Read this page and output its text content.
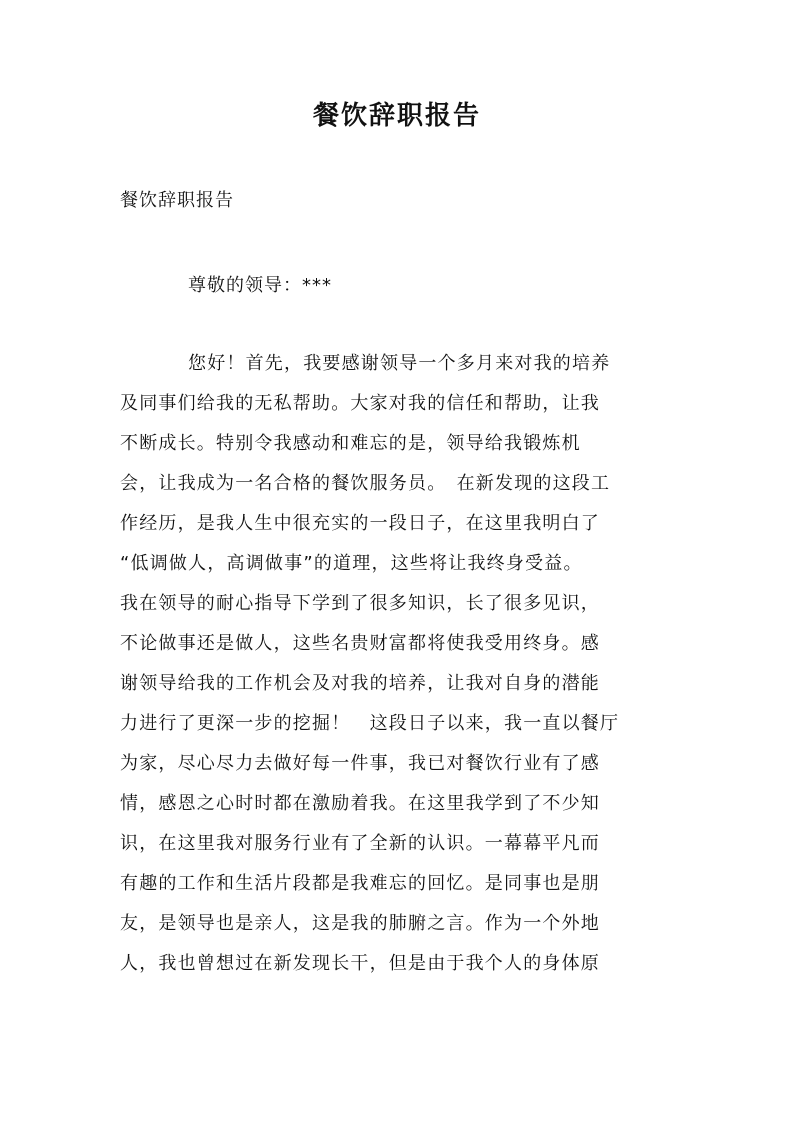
餐饮辞职报告
餐饮辞职报告
尊敬的领导：***
您好！首先，我要感谢领导一个多月来对我的培养
及同事们给我的无私帮助。大家对我的信任和帮助，让我
不断成长。特别令我感动和难忘的是，领导给我锻炼机
会，让我成为一名合格的餐饮服务员。　在新发现的这段工
作经历，是我人生中很充实的一段日子，在这里我明白了
“低调做人，高调做事”的道理，这些将让我终身受益。
我在领导的耐心指导下学到了很多知识，长了很多见识，
不论做事还是做人，这些名贵财富都将使我受用终身。感
谢领导给我的工作机会及对我的培养，让我对自身的潜能
力进行了更深一步的挖掘！　这段日子以来，我一直以餐厅
为家，尽心尽力去做好每一件事，我已对餐饮行业有了感
情，感恩之心时时都在激励着我。在这里我学到了不少知
识，在这里我对服务行业有了全新的认识。一幕幕平凡而
有趣的工作和生活片段都是我难忘的回忆。是同事也是朋
友，是领导也是亲人，这是我的肺腑之言。作为一个外地
人，我也曾想过在新发现长干，但是由于我个人的身体原
